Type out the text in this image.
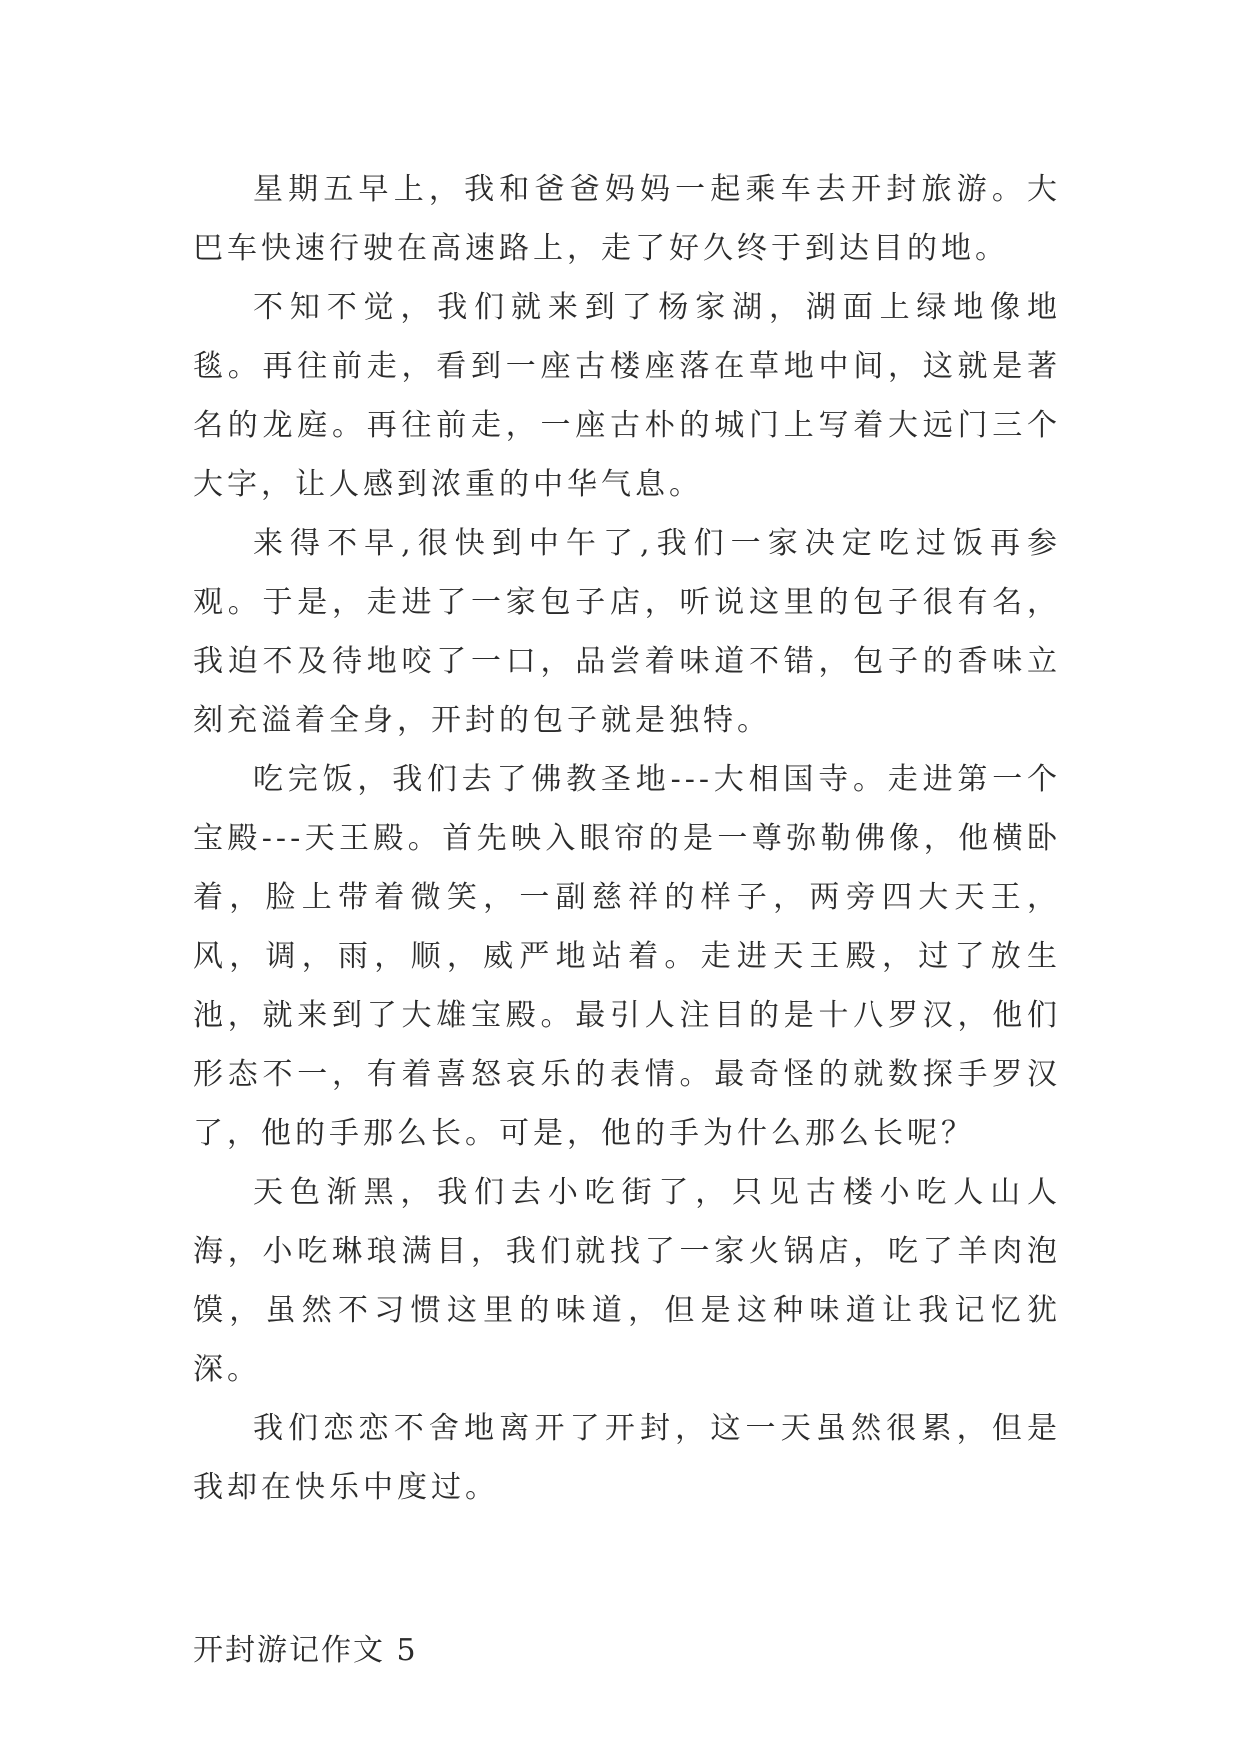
星期五早上，我和爸爸妈妈一起乘车去开封旅游。大巴车快速行驶在高速路上，走了好久终于到达目的地。

不知不觉，我们就来到了杨家湖，湖面上绿地像地毯。再往前走，看到一座古楼座落在草地中间，这就是著名的龙庭。再往前走，一座古朴的城门上写着大远门三个大字，让人感到浓重的中华气息。

来得不早,很快到中午了,我们一家决定吃过饭再参观。于是，走进了一家包子店，听说这里的包子很有名，我迫不及待地咬了一口，品尝着味道不错，包子的香味立刻充溢着全身，开封的包子就是独特。

吃完饭，我们去了佛教圣地---大相国寺。走进第一个宝殿---天王殿。首先映入眼帘的是一尊弥勒佛像，他横卧着，脸上带着微笑，一副慈祥的样子，两旁四大天王，风，调，雨，顺，威严地站着。走进天王殿，过了放生池，就来到了大雄宝殿。最引人注目的是十八罗汉，他们形态不一，有着喜怒哀乐的表情。最奇怪的就数探手罗汉了，他的手那么长。可是，他的手为什么那么长呢？

天色渐黑，我们去小吃街了，只见古楼小吃人山人海，小吃琳琅满目，我们就找了一家火锅店，吃了羊肉泡馍，虽然不习惯这里的味道，但是这种味道让我记忆犹深。

我们恋恋不舍地离开了开封，这一天虽然很累，但是我却在快乐中度过。

开封游记作文 5
